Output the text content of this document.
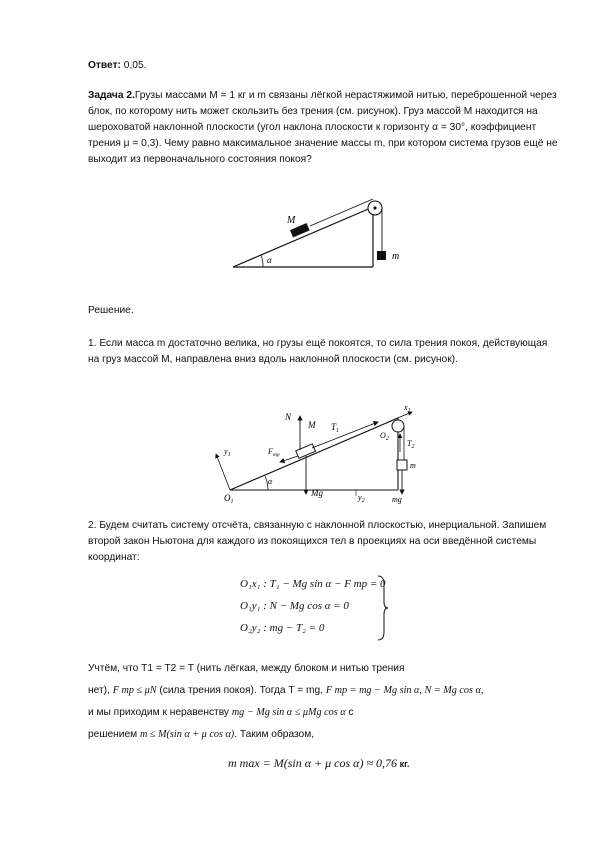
Ответ: 0,05.
Задача 2.Грузы массами М = 1 кг и m связаны лёгкой нерастяжимой нитью, переброшенной через блок, по которому нить может скользить без трения (см. рисунок). Груз массой М находится на шероховатой наклонной плоскости (угол наклона плоскости к горизонту α = 30°, коэффициент трения μ = 0,3). Чему равно максимальное значение массы m, при котором система грузов ещё не выходит из первоначального состояния покоя?
α
M
m
Решение.
1. Если масса m достаточно велика, но грузы ещё покоятся, то сила трения покоя, действующая на груз массой М, направлена вниз вдоль наклонной плоскости (см. рисунок).
$y_1$
α
$O_1$
$x_1$
M
N
$T_1$
$F_{тр}$
Mg
$O_2$ $T_2$
m
mg
$y_2$
2. Будем считать систему отсчёта, связанную с наклонной плоскостью, инерциальной. Запишем второй закон Ньютона для каждого из покоящихся тел в проекциях на оси введённой системы координат:
O₁x₁ : T₁ − Mg sin α − F тр = 0
O₁y₁ : N − Mg cos α = 0
O₂y₂ : mg − T₂ = 0
Учтём, что T1 = T2 = T (нить лёгкая, между блоком и нитью трения
нет), F тр ≤ μN (сила трения покоя). Тогда T = mg, F тр = mg − Mg sin α, N = Mg cos α,
и мы приходим к неравенству mg − Mg sin α ≤ μMg cos α с
решением m ≤ M(sin α + μ cos α). Таким образом,
m max = M(sin α + μ cos α) ≈ 0,76 кг.
